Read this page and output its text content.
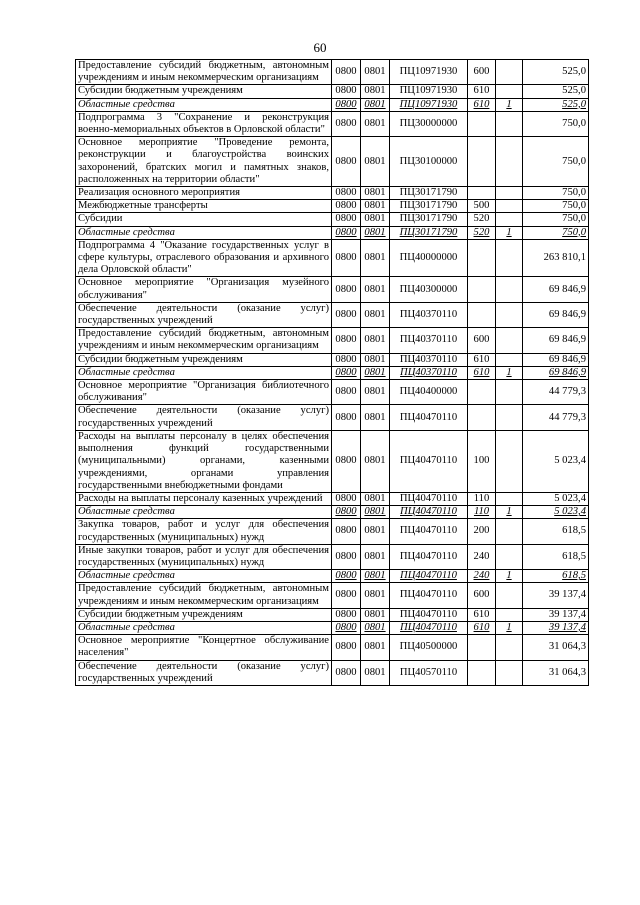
60
Предоставление субсидий бюджетным, автономным учреждениям и иным некоммерческим организациям	0800	0801	ПЦ10971930	600		525,0
Субсидии бюджетным учреждениям	0800	0801	ПЦ10971930	610		525,0
Областные средства	0800	0801	ПЦ10971930	610	1	525,0
Подпрограмма 3 "Сохранение и реконструкция военно-мемориальных объектов в Орловской области"	0800	0801	ПЦ30000000			750,0
Основное мероприятие "Проведение ремонта, реконструкции и благоустройства воинских захоронений, братских могил и памятных знаков, расположенных на территории области"	0800	0801	ПЦ30100000			750,0
Реализация основного мероприятия	0800	0801	ПЦ30171790			750,0
Межбюджетные трансферты	0800	0801	ПЦ30171790	500		750,0
Субсидии	0800	0801	ПЦ30171790	520		750,0
Областные средства	0800	0801	ПЦ30171790	520	1	750,0
Подпрограмма 4 "Оказание государственных услуг в сфере культуры, отраслевого образования и архивного дела Орловской области"	0800	0801	ПЦ40000000			263 810,1
Основное мероприятие "Организация музейного обслуживания"	0800	0801	ПЦ40300000			69 846,9
Обеспечение деятельности (оказание услуг) государственных учреждений	0800	0801	ПЦ40370110			69 846,9
Предоставление субсидий бюджетным, автономным учреждениям и иным некоммерческим организациям	0800	0801	ПЦ40370110	600		69 846,9
Субсидии бюджетным учреждениям	0800	0801	ПЦ40370110	610		69 846,9
Областные средства	0800	0801	ПЦ40370110	610	1	69 846,9
Основное мероприятие "Организация библиотечного обслуживания"	0800	0801	ПЦ40400000			44 779,3
Обеспечение деятельности (оказание услуг) государственных учреждений	0800	0801	ПЦ40470110			44 779,3
Расходы на выплаты персоналу в целях обеспечения выполнения функций государственными (муниципальными) органами, казенными учреждениями, органами управления государственными внебюджетными фондами	0800	0801	ПЦ40470110	100		5 023,4
Расходы на выплаты персоналу казенных учреждений	0800	0801	ПЦ40470110	110		5 023,4
Областные средства	0800	0801	ПЦ40470110	110	1	5 023,4
Закупка товаров, работ и услуг для обеспечения государственных (муниципальных) нужд	0800	0801	ПЦ40470110	200		618,5
Иные закупки товаров, работ и услуг для обеспечения государственных (муниципальных) нужд	0800	0801	ПЦ40470110	240		618,5
Областные средства	0800	0801	ПЦ40470110	240	1	618,5
Предоставление субсидий бюджетным, автономным учреждениям и иным некоммерческим организациям	0800	0801	ПЦ40470110	600		39 137,4
Субсидии бюджетным учреждениям	0800	0801	ПЦ40470110	610		39 137,4
Областные средства	0800	0801	ПЦ40470110	610	1	39 137,4
Основное мероприятие "Концертное обслуживание населения"	0800	0801	ПЦ40500000			31 064,3
Обеспечение деятельности (оказание услуг) государственных учреждений	0800	0801	ПЦ40570110			31 064,3
